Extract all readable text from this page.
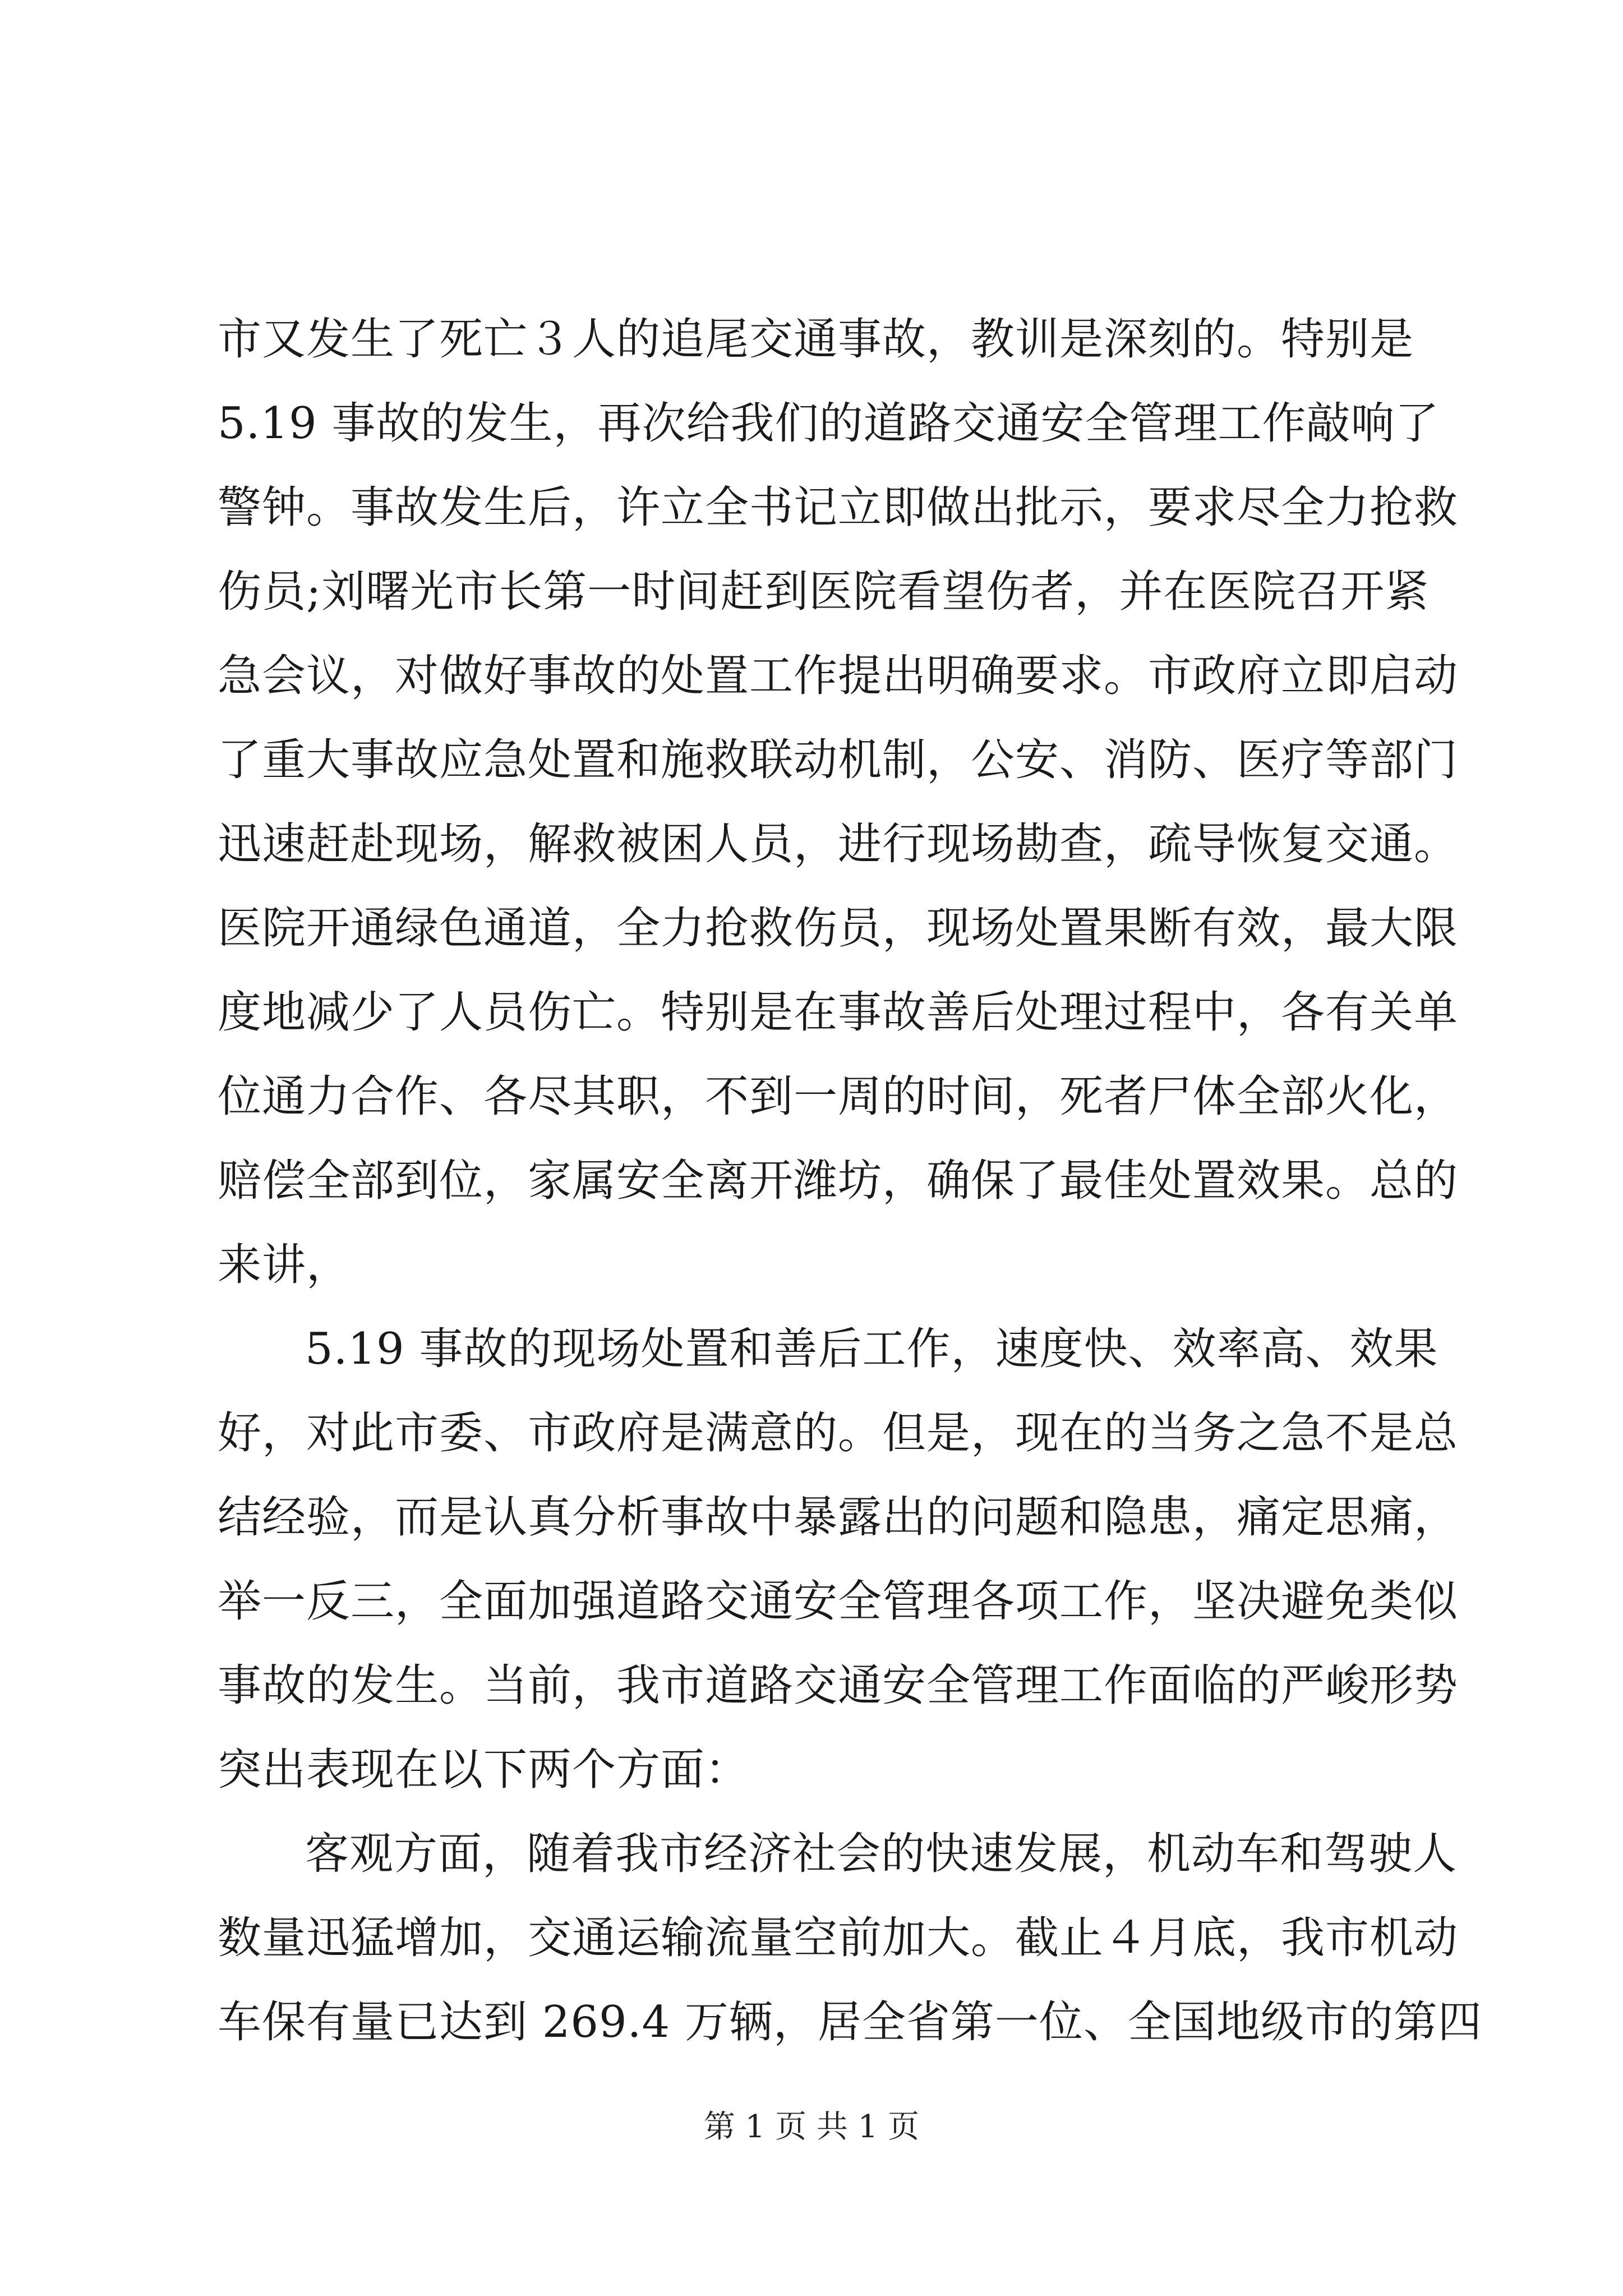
市又发生了死亡３人的追尾交通事故，教训是深刻的。特别是
5.19 事故的发生，再次给我们的道路交通安全管理工作敲响了
警钟。事故发生后，许立全书记立即做出批示，要求尽全力抢救
伤员;刘曙光市长第一时间赶到医院看望伤者，并在医院召开紧
急会议，对做好事故的处置工作提出明确要求。市政府立即启动
了重大事故应急处置和施救联动机制，公安、消防、医疗等部门
迅速赶赴现场，解救被困人员，进行现场勘查，疏导恢复交通。
医院开通绿色通道，全力抢救伤员，现场处置果断有效，最大限
度地减少了人员伤亡。特别是在事故善后处理过程中，各有关单
位通力合作、各尽其职，不到一周的时间，死者尸体全部火化，
赔偿全部到位，家属安全离开潍坊，确保了最佳处置效果。总的
来讲，
5.19 事故的现场处置和善后工作，速度快、效率高、效果
好，对此市委、市政府是满意的。但是，现在的当务之急不是总
结经验，而是认真分析事故中暴露出的问题和隐患，痛定思痛，
举一反三，全面加强道路交通安全管理各项工作，坚决避免类似
事故的发生。当前，我市道路交通安全管理工作面临的严峻形势
突出表现在以下两个方面：
客观方面，随着我市经济社会的快速发展，机动车和驾驶人
数量迅猛增加，交通运输流量空前加大。截止４月底，我市机动
车保有量已达到 269.4 万辆，居全省第一位、全国地级市的第四
第 1 页 共 1 页
